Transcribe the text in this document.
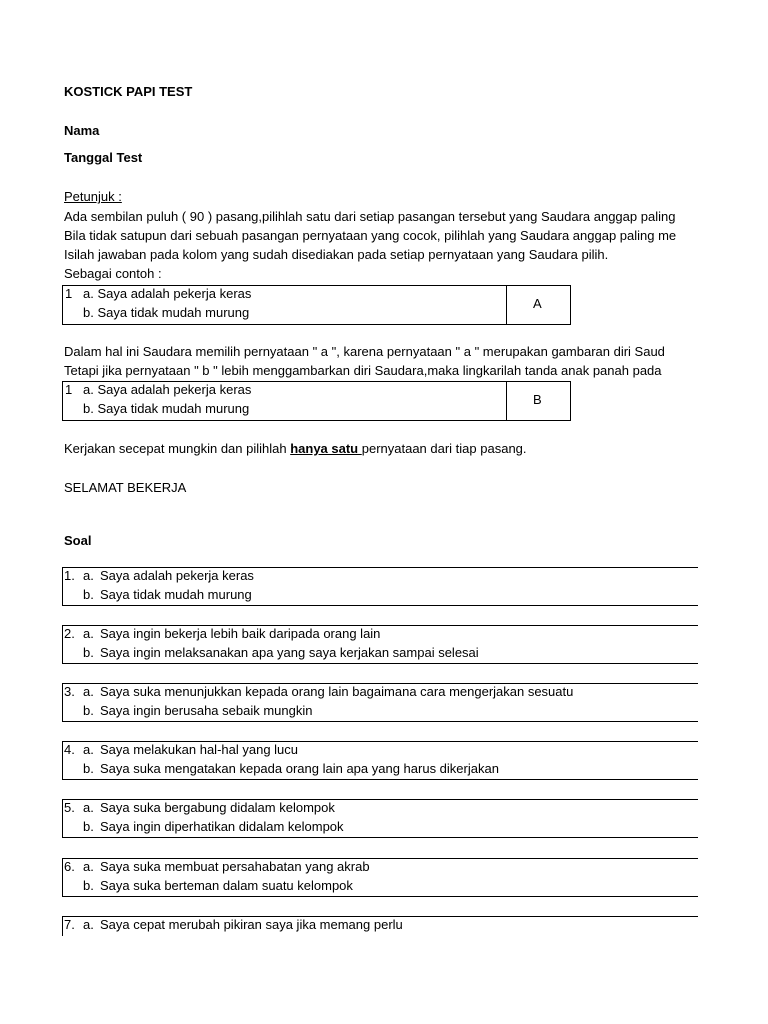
KOSTICK PAPI TEST
Nama
Tanggal Test
Petunjuk :
Ada sembilan puluh ( 90 ) pasang,pilihlah satu dari setiap pasangan tersebut yang Saudara anggap paling
Bila tidak satupun dari sebuah pasangan pernyataan yang cocok, pilihlah yang Saudara anggap paling me
Isilah jawaban pada kolom yang sudah disediakan pada setiap pernyataan yang Saudara pilih.
Sebagai contoh :
1 a. Saya adalah pekerja keras
b. Saya tidak mudah murung
A
Dalam hal ini Saudara memilih pernyataan " a ", karena pernyataan " a " merupakan gambaran diri Saud
Tetapi jika pernyataan " b " lebih menggambarkan diri Saudara,maka lingkarilah tanda anak panah pada
1 a. Saya adalah pekerja keras
b. Saya tidak mudah murung
B
Kerjakan secepat mungkin dan pilihlah hanya satu pernyataan dari tiap pasang.
SELAMAT BEKERJA
Soal
1. a. Saya adalah pekerja keras
b. Saya tidak mudah murung
2. a. Saya ingin bekerja lebih baik daripada orang lain
b. Saya ingin melaksanakan apa yang saya kerjakan sampai selesai
3. a. Saya suka menunjukkan kepada orang lain bagaimana cara mengerjakan sesuatu
b. Saya ingin berusaha sebaik mungkin
4. a. Saya melakukan hal-hal yang lucu
b. Saya suka mengatakan kepada orang lain apa yang harus dikerjakan
5. a. Saya suka bergabung didalam kelompok
b. Saya ingin diperhatikan didalam kelompok
6. a. Saya suka membuat persahabatan yang akrab
b. Saya suka berteman dalam suatu kelompok
7. a. Saya cepat merubah pikiran saya jika memang perlu
